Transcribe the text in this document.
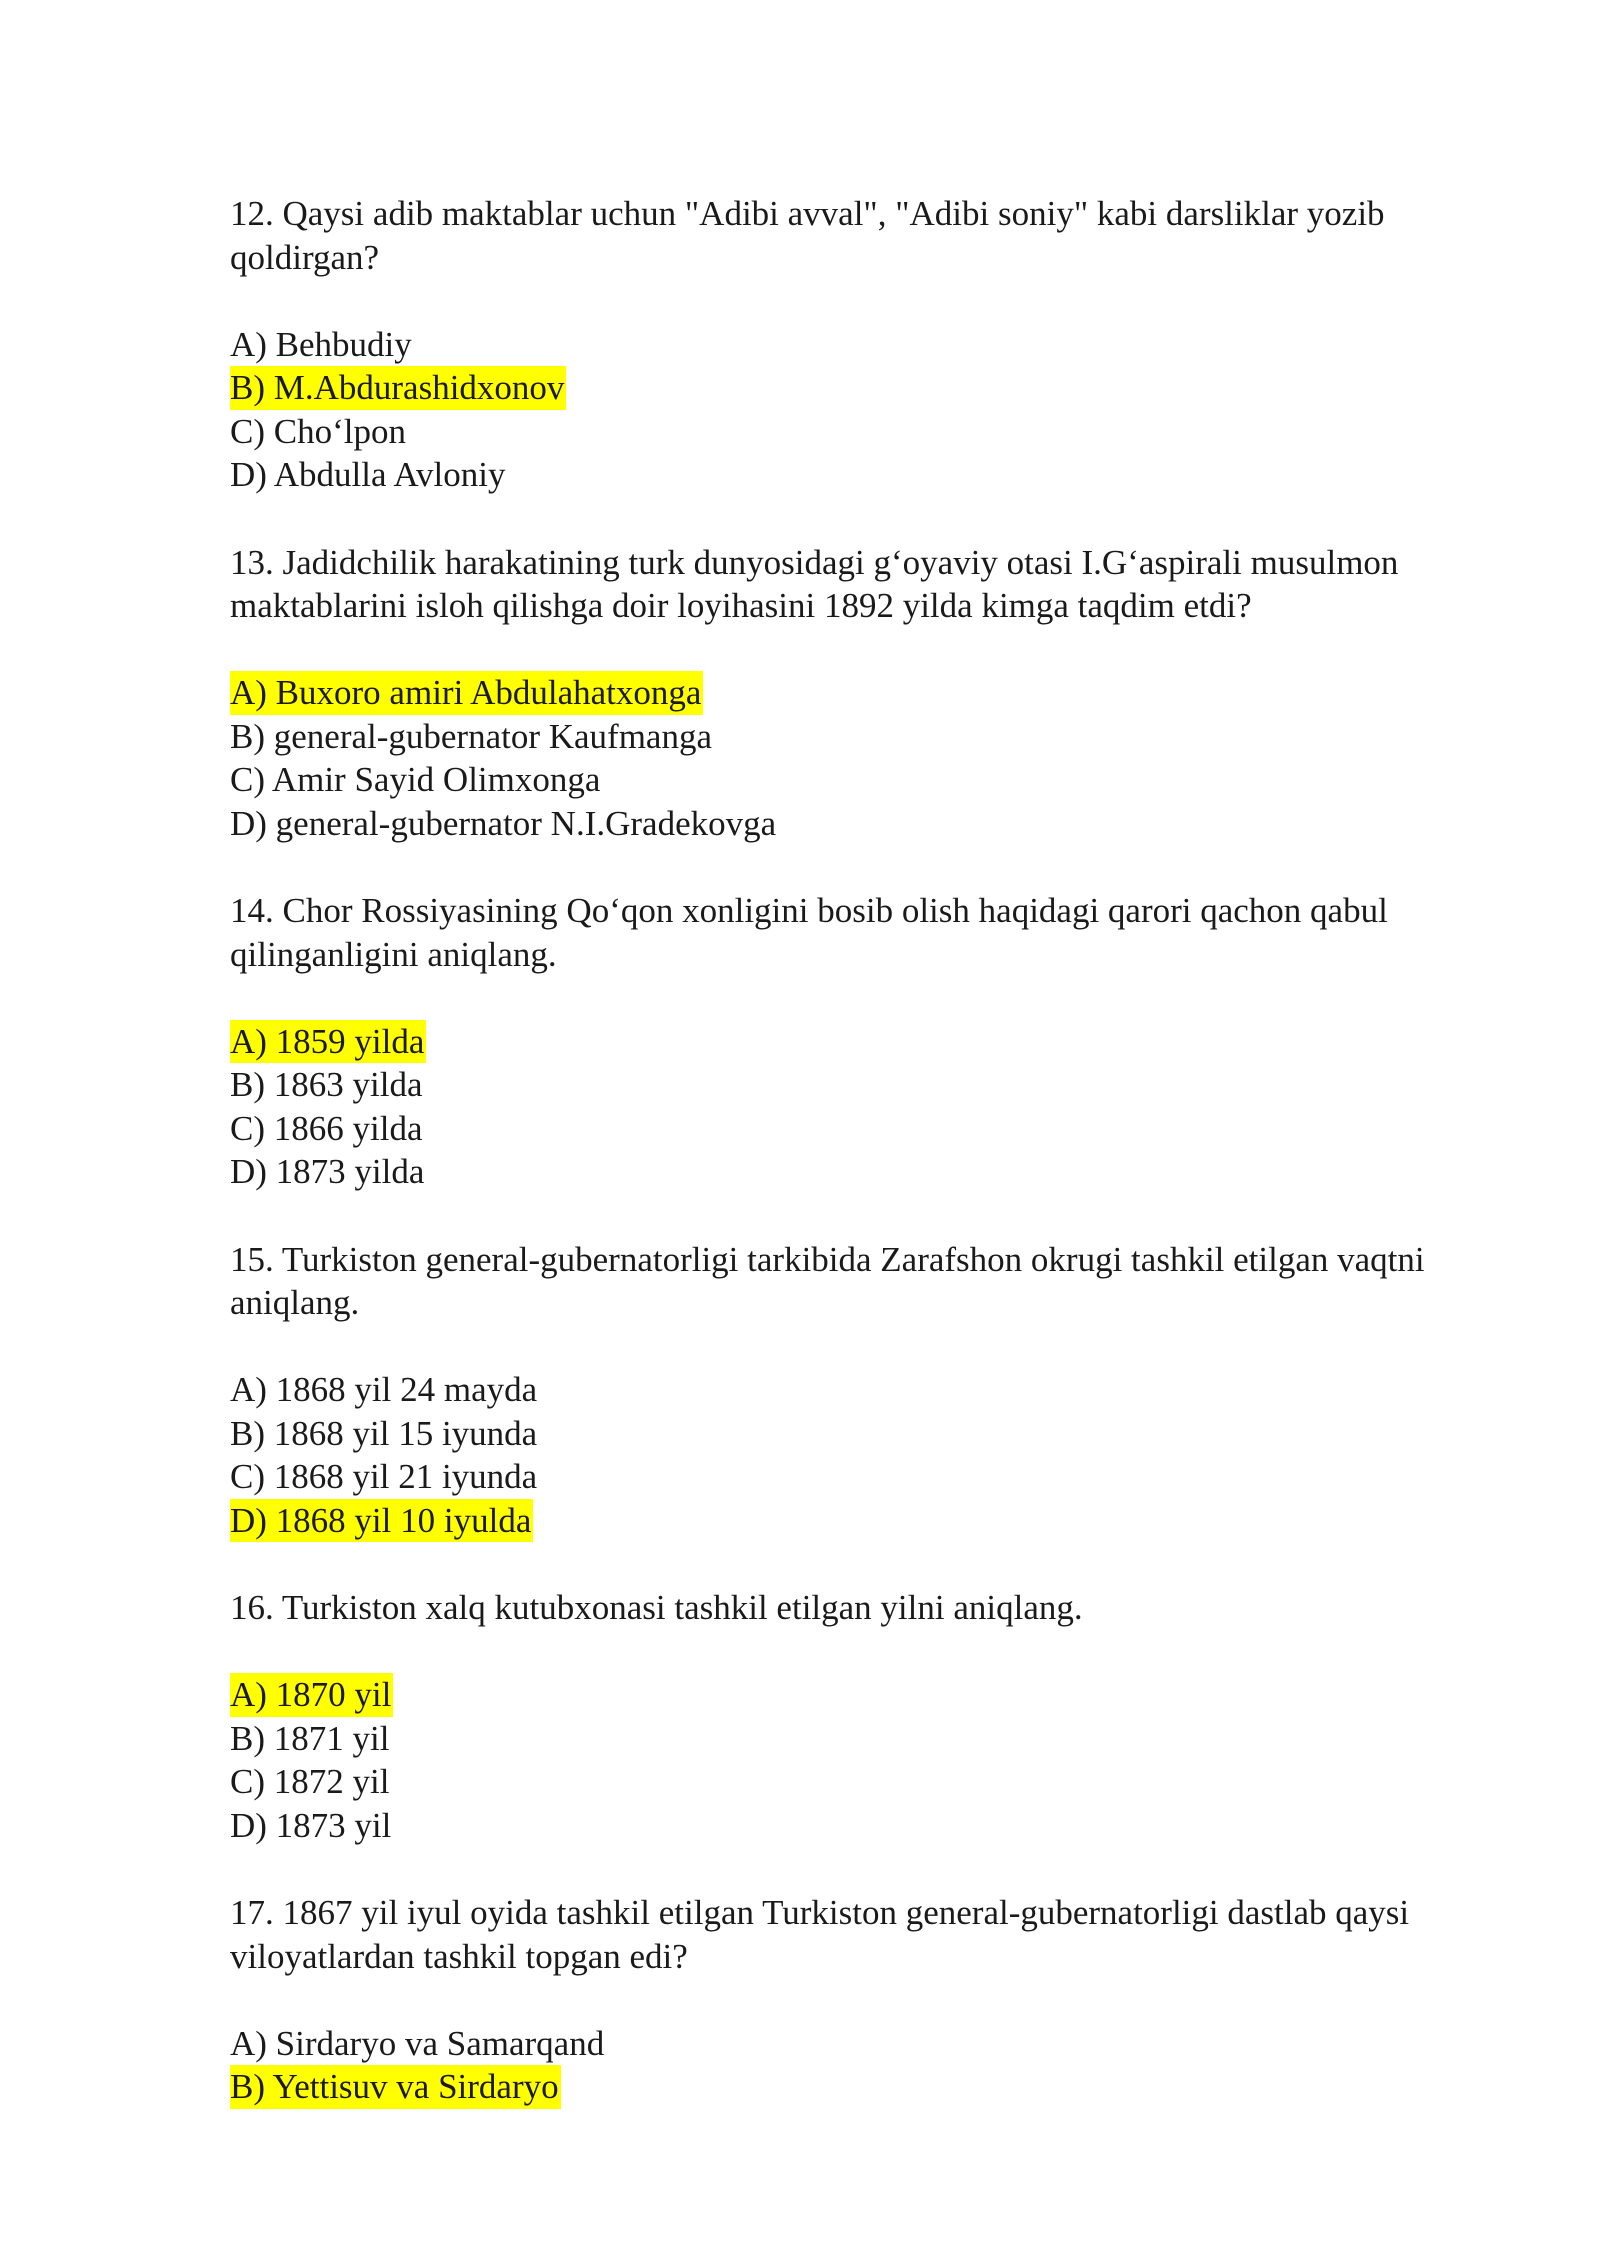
12. Qaysi adib maktablar uchun "Adibi avval", "Adibi soniy" kabi darsliklar yozib qoldirgan?

A) Behbudiy
B) M.Abdurashidxonov
C) Cho‘lpon
D) Abdulla Avloniy

13. Jadidchilik harakatining turk dunyosidagi g‘oyaviy otasi I.G‘aspirali musulmon maktablarini isloh qilishga doir loyihasini 1892 yilda kimga taqdim etdi?

A) Buxoro amiri Abdulahatxonga
B) general-gubernator Kaufmanga
C) Amir Sayid Olimxonga
D) general-gubernator N.I.Gradekovga

14. Chor Rossiyasining Qo‘qon xonligini bosib olish haqidagi qarori qachon qabul qilinganligini aniqlang.

A) 1859 yilda
B) 1863 yilda
C) 1866 yilda
D) 1873 yilda

15. Turkiston general-gubernatorligi tarkibida Zarafshon okrugi tashkil etilgan vaqtni aniqlang.

A) 1868 yil 24 mayda
B) 1868 yil 15 iyunda
C) 1868 yil 21 iyunda
D) 1868 yil 10 iyulda

16. Turkiston xalq kutubxonasi tashkil etilgan yilni aniqlang.

A) 1870 yil
B) 1871 yil
C) 1872 yil
D) 1873 yil

17. 1867 yil iyul oyida tashkil etilgan Turkiston general-gubernatorligi dastlab qaysi viloyatlardan tashkil topgan edi?

A) Sirdaryo va Samarqand
B) Yettisuv va Sirdaryo
